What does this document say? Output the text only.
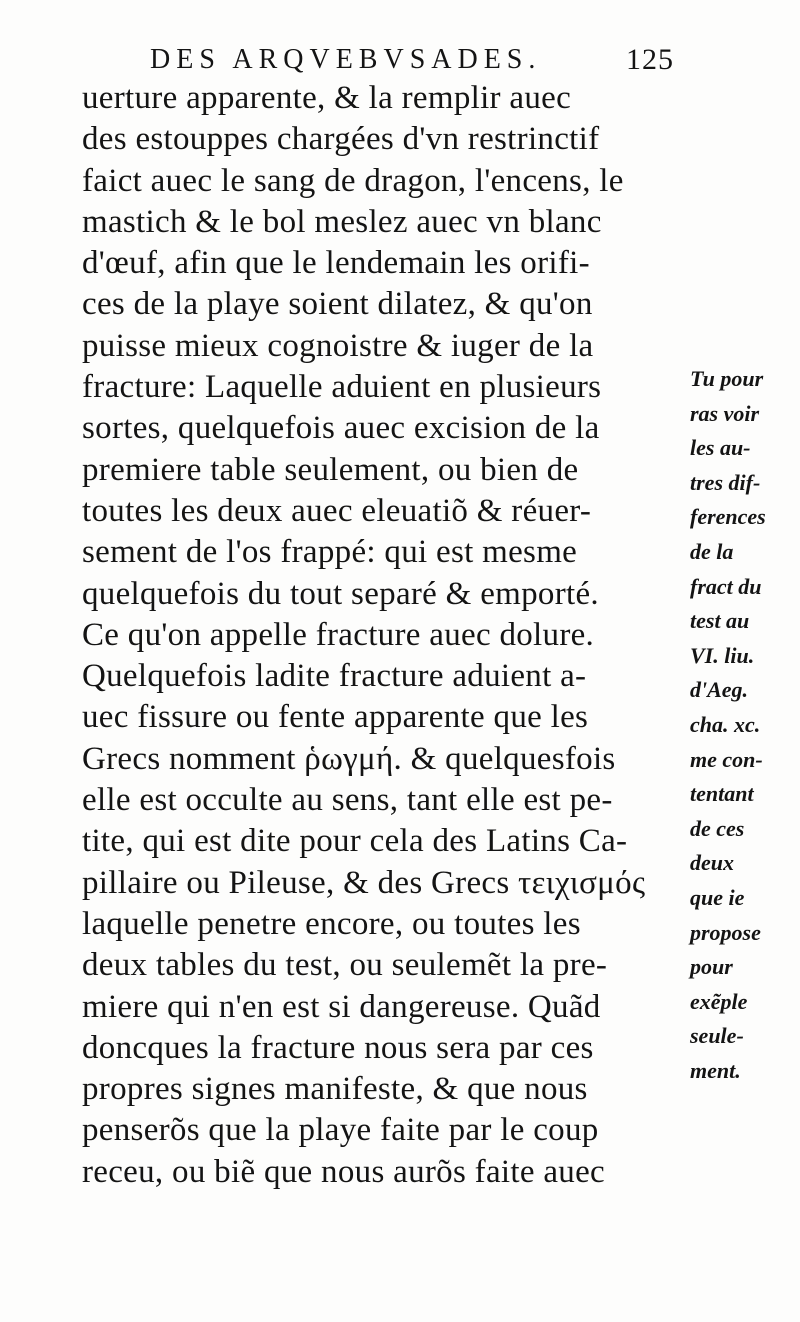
DES ARQVEBVSADES.	125
uerture apparente, & la remplir auec
des estouppes chargées d'vn restrinctif
faict auec le sang de dragon, l'encens, le
mastich & le bol meslez auec vn blanc
d'œuf, afin que le lendemain les orifi-
ces de la playe soient dilatez, & qu'on
puisse mieux cognoistre & iuger de la
fracture: Laquelle aduient en plusieurs
sortes, quelquefois auec excision de la
premiere table seulement, ou bien de
toutes les deux auec eleuatiõ & réuer-
sement de l'os frappé: qui est mesme
quelquefois du tout separé & emporté.
Ce qu'on appelle fracture auec dolure.
Quelquefois ladite fracture aduient a-
uec fissure ou fente apparente que les
Grecs nomment ῥωγμή. & quelquesfois
elle est occulte au sens, tant elle est pe-
tite, qui est dite pour cela des Latins Ca-
pillaire ou Pileuse, & des Grecs τειχισμός
laquelle penetre encore, ou toutes les
deux tables du test, ou seulemẽt la pre-
miere qui n'en est si dangereuse. Quãd
doncques la fracture nous sera par ces
propres signes manifeste, & que nous
penserõs que la playe faite par le coup
receu, ou biẽ que nous aurõs faite auec
Tu pour
ras voir
les au-
tres dif-
ferences
de la
fract du
test au
VI. liu.
d'Aeg.
cha. xc.
me con-
tentant
de ces
deux
que ie
propose
pour
exẽple
seule-
ment.
